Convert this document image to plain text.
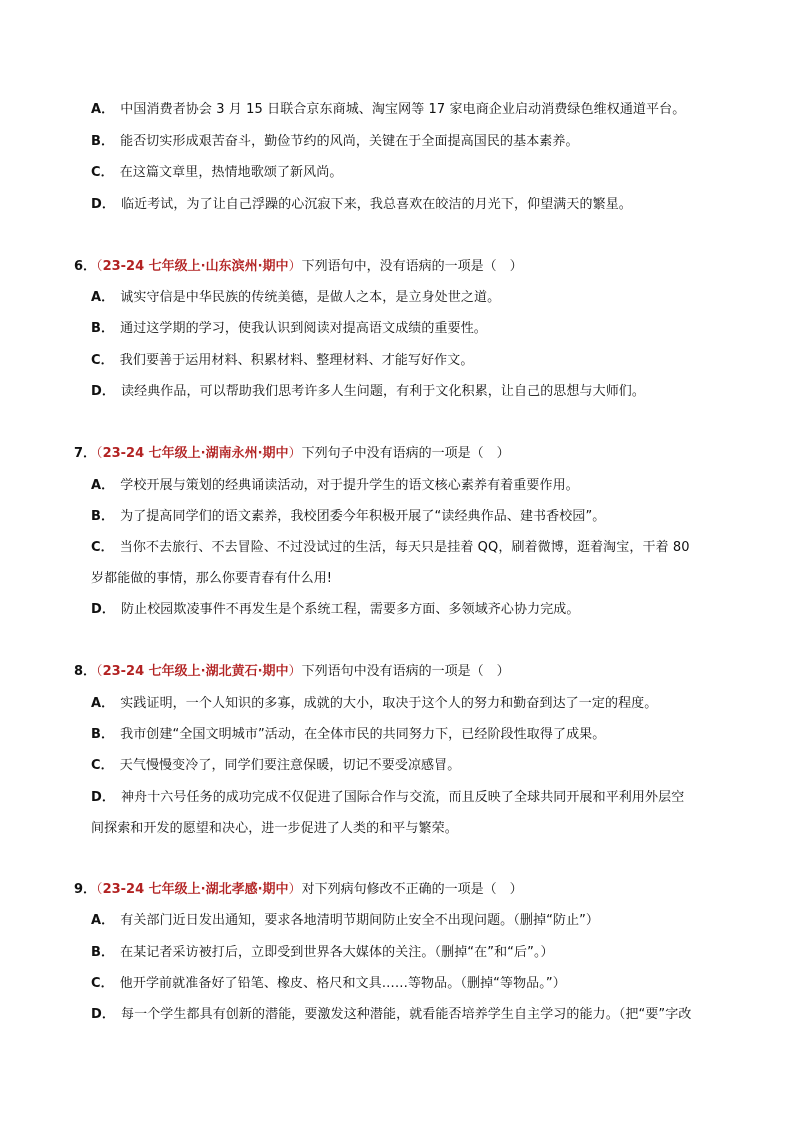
A． 中国消费者协会 3 月 15 日联合京东商城、淘宝网等 17 家电商企业启动消费绿色维权通道平台。
B． 能否切实形成艰苦奋斗，勤俭节约的风尚，关键在于全面提高国民的基本素养。
C． 在这篇文章里，热情地歌颂了新风尚。
D． 临近考试，为了让自己浮躁的心沉寂下来，我总喜欢在皎洁的月光下，仰望满天的繁星。
6．（23-24 七年级上·山东滨州·期中）下列语句中，没有语病的一项是（　）
A． 诚实守信是中华民族的传统美德，是做人之本，是立身处世之道。
B． 通过这学期的学习，使我认识到阅读对提高语文成绩的重要性。
C． 我们要善于运用材料、积累材料、整理材料、才能写好作文。
D． 读经典作品，可以帮助我们思考许多人生问题，有利于文化积累，让自己的思想与大师们。
7．（23-24 七年级上·湖南永州·期中）下列句子中没有语病的一项是（　）
A． 学校开展与策划的经典诵读活动，对于提升学生的语文核心素养有着重要作用。
B． 为了提高同学们的语文素养，我校团委今年积极开展了“读经典作品、建书香校园”。
C． 当你不去旅行、不去冒险、不过没试过的生活，每天只是挂着 QQ，刷着微博，逛着淘宝，干着 80
岁都能做的事情，那么你要青春有什么用!
D． 防止校园欺凌事件不再发生是个系统工程，需要多方面、多领域齐心协力完成。
8．（23-24 七年级上·湖北黄石·期中）下列语句中没有语病的一项是（　）
A． 实践证明，一个人知识的多寡，成就的大小，取决于这个人的努力和勤奋到达了一定的程度。
B． 我市创建“全国文明城市”活动，在全体市民的共同努力下，已经阶段性取得了成果。
C． 天气慢慢变冷了，同学们要注意保暖，切记不要受凉感冒。
D． 神舟十六号任务的成功完成不仅促进了国际合作与交流，而且反映了全球共同开展和平利用外层空
间探索和开发的愿望和决心，进一步促进了人类的和平与繁荣。
9．（23-24 七年级上·湖北孝感·期中）对下列病句修改不正确的一项是（　）
A． 有关部门近日发出通知，要求各地清明节期间防止安全不出现问题。（删掉“防止”）
B． 在某记者采访被打后，立即受到世界各大媒体的关注。（删掉“在”和“后”。）
C． 他开学前就准备好了铅笔、橡皮、格尺和文具……等物品。（删掉“等物品。”）
D． 每一个学生都具有创新的潜能，要激发这种潜能，就看能否培养学生自主学习的能力。（把“要”字改
